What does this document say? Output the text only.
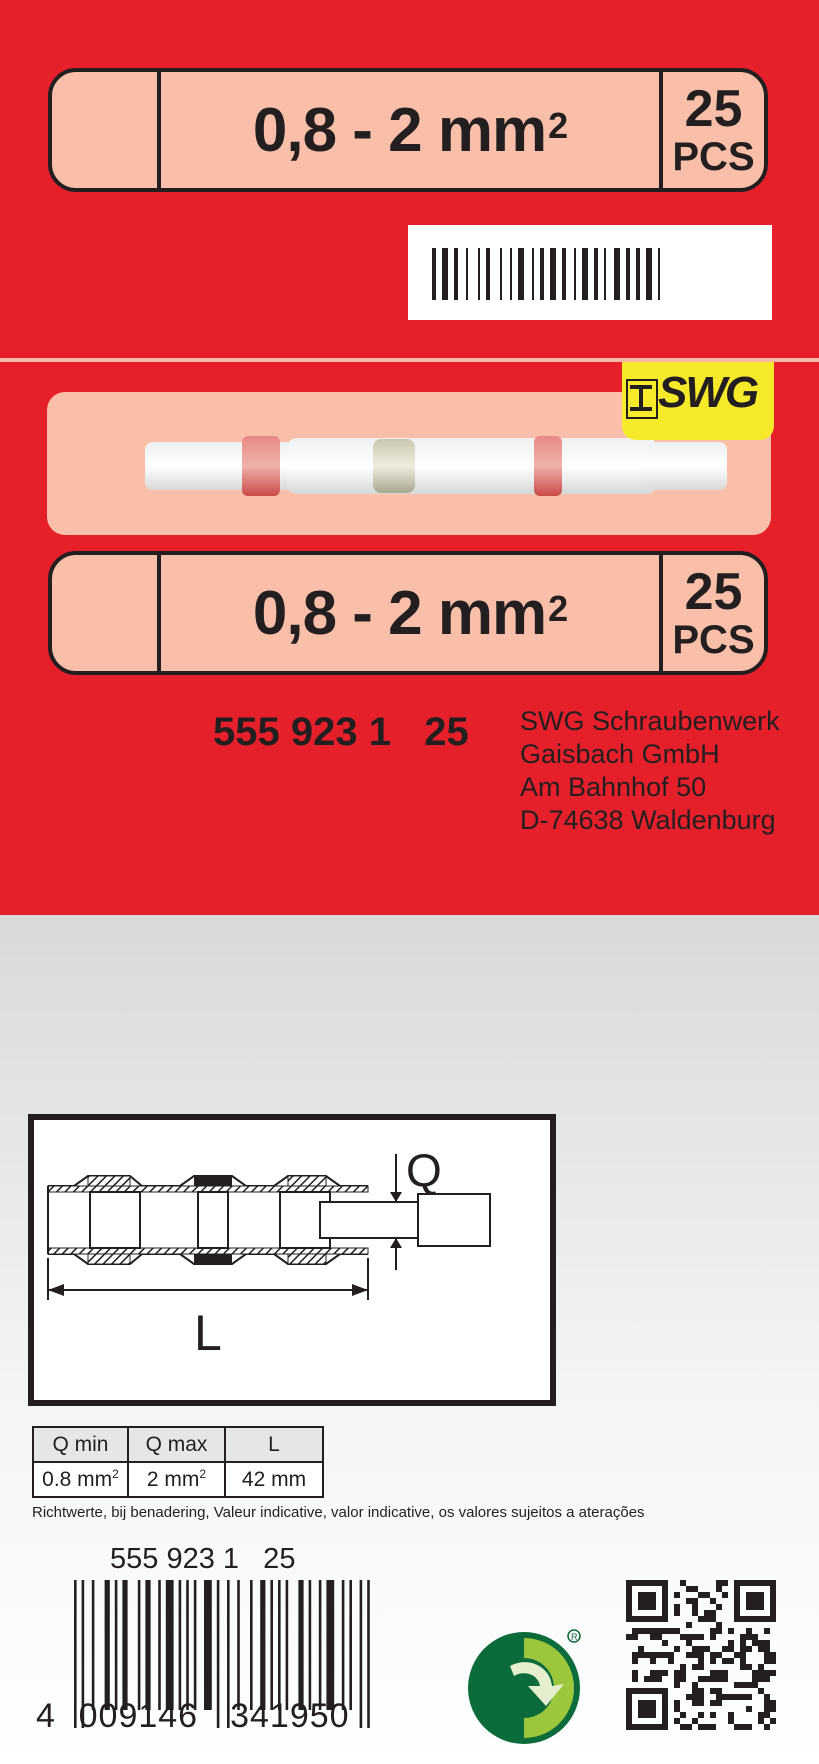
0,8 - 2 $mm^2$ 25
PCS
SWG
0,8 - 2 $mm^2$ 25
PCS
555 923 1   25 SWG Schraubenwerk
Gaisbach GmbH
Am Bahnhof 50
D-74638 Waldenburg
Q
L
Q min	Q max	L
0.8 $mm^2$	2 $mm^2$	42 mm
Richtwerte, bij benadering, Valeur indicative, valor indicative, os valores sujeitos a aterações
555 923 1   25
4 009146 341950
R
